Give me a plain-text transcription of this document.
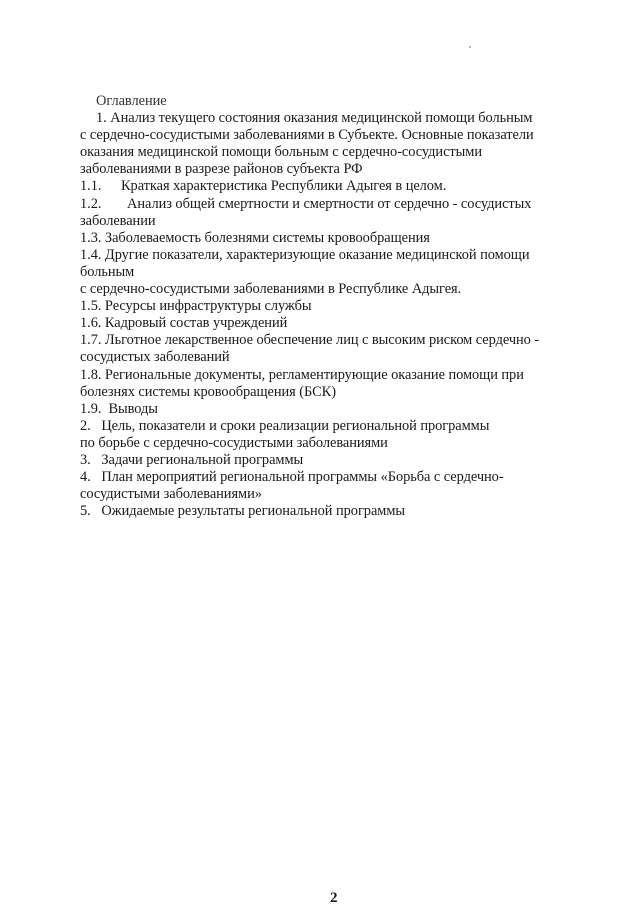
Оглавление
1. Анализ текущего состояния оказания медицинской помощи больным
с сердечно-сосудистыми заболеваниями в Субъекте. Основные показатели
оказания медицинской помощи больным с сердечно-сосудистыми
заболеваниями в разрезе районов субъекта РФ
1.1. Краткая характеристика Республики Адыгея в целом.
1.2. Анализ общей смертности и смертности от сердечно - сосудистых
заболевании
1.3. Заболеваемость болезнями системы кровообращения
1.4. Другие показатели, характеризующие оказание медицинской помощи
больным
с сердечно-сосудистыми заболеваниями в Республике Адыгея.
1.5. Ресурсы инфраструктуры службы
1.6. Кадровый состав учреждений
1.7. Льготное лекарственное обеспечение лиц с высоким риском сердечно -
сосудистых заболеваний
1.8. Региональные документы, регламентирующие оказание помощи при
болезнях системы кровообращения (БСК)
1.9.  Выводы
2.   Цель, показатели и сроки реализации региональной программы
по борьбе с сердечно-сосудистыми заболеваниями
3.   Задачи региональной программы
4.   План мероприятий региональной программы «Борьба с сердечно-
сосудистыми заболеваниями»
5.   Ожидаемые результаты региональной программы
2
